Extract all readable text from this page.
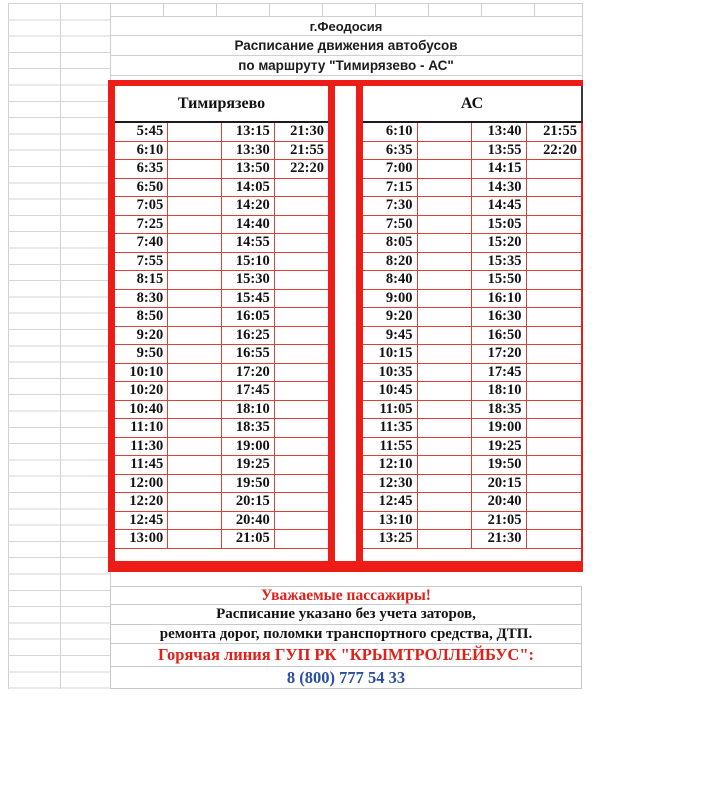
г.Феодосия
Расписание движения автобусов
по маршруту "Тимирязево - АС"
Тимирязево
5:45	13:15	21:30
6:10	13:30	21:55
6:35	13:50	22:20
6:50	14:05
7:05	14:20
7:25	14:40
7:40	14:55
7:55	15:10
8:15	15:30
8:30	15:45
8:50	16:05
9:20	16:25
9:50	16:55
10:10	17:20
10:20	17:45
10:40	18:10
11:10	18:35
11:30	19:00
11:45	19:25
12:00	19:50
12:20	20:15
12:45	20:40
13:00	21:05
АС
6:10	13:40	21:55
6:35	13:55	22:20
7:00	14:15
7:15	14:30
7:30	14:45
7:50	15:05
8:05	15:20
8:20	15:35
8:40	15:50
9:00	16:10
9:20	16:30
9:45	16:50
10:15	17:20
10:35	17:45
10:45	18:10
11:05	18:35
11:35	19:00
11:55	19:25
12:10	19:50
12:30	20:15
12:45	20:40
13:10	21:05
13:25	21:30
Уважаемые пассажиры!
Расписание указано без учета заторов,
ремонта дорог, поломки транспортного средства, ДТП.
Горячая линия ГУП РК "КРЫМТРОЛЛЕЙБУС":
8 (800) 777 54 33
